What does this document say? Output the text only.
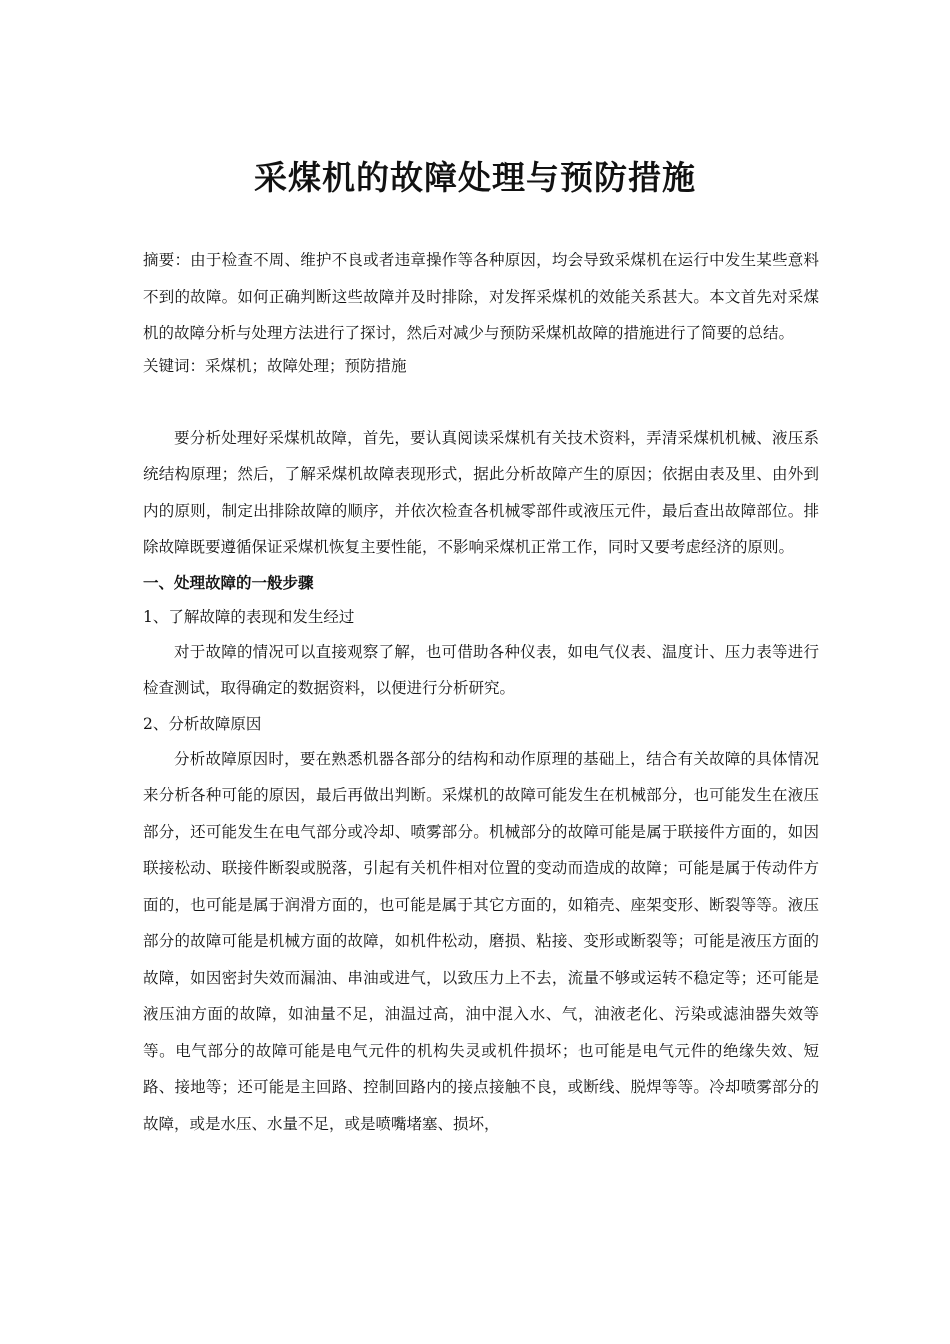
采煤机的故障处理与预防措施

摘要：由于检查不周、维护不良或者违章操作等各种原因，均会导致采煤机在运行中发生某些意料不到的故障。如何正确判断这些故障并及时排除，对发挥采煤机的效能关系甚大。本文首先对采煤机的故障分析与处理方法进行了探讨，然后对减少与预防采煤机故障的措施进行了简要的总结。

关键词：采煤机；故障处理；预防措施

要分析处理好采煤机故障，首先，要认真阅读采煤机有关技术资料，弄清采煤机机械、液压系统结构原理；然后，了解采煤机故障表现形式，据此分析故障产生的原因；依据由表及里、由外到内的原则，制定出排除故障的顺序，并依次检查各机械零部件或液压元件，最后查出故障部位。排除故障既要遵循保证采煤机恢复主要性能，不影响采煤机正常工作，同时又要考虑经济的原则。

一、处理故障的一般步骤

1、了解故障的表现和发生经过

对于故障的情况可以直接观察了解，也可借助各种仪表，如电气仪表、温度计、压力表等进行检查测试，取得确定的数据资料，以便进行分析研究。

2、分析故障原因

分析故障原因时，要在熟悉机器各部分的结构和动作原理的基础上，结合有关故障的具体情况来分析各种可能的原因，最后再做出判断。采煤机的故障可能发生在机械部分，也可能发生在液压部分，还可能发生在电气部分或冷却、喷雾部分。机械部分的故障可能是属于联接件方面的，如因联接松动、联接件断裂或脱落，引起有关机件相对位置的变动而造成的故障；可能是属于传动件方面的，也可能是属于润滑方面的，也可能是属于其它方面的，如箱壳、座架变形、断裂等等。液压部分的故障可能是机械方面的故障，如机件松动，磨损、粘接、变形或断裂等；可能是液压方面的故障，如因密封失效而漏油、串油或进气，以致压力上不去，流量不够或运转不稳定等；还可能是液压油方面的故障，如油量不足，油温过高，油中混入水、气，油液老化、污染或滤油器失效等等。电气部分的故障可能是电气元件的机构失灵或机件损坏；也可能是电气元件的绝缘失效、短路、接地等；还可能是主回路、控制回路内的接点接触不良，或断线、脱焊等等。冷却喷雾部分的故障，或是水压、水量不足，或是喷嘴堵塞、损坏，
